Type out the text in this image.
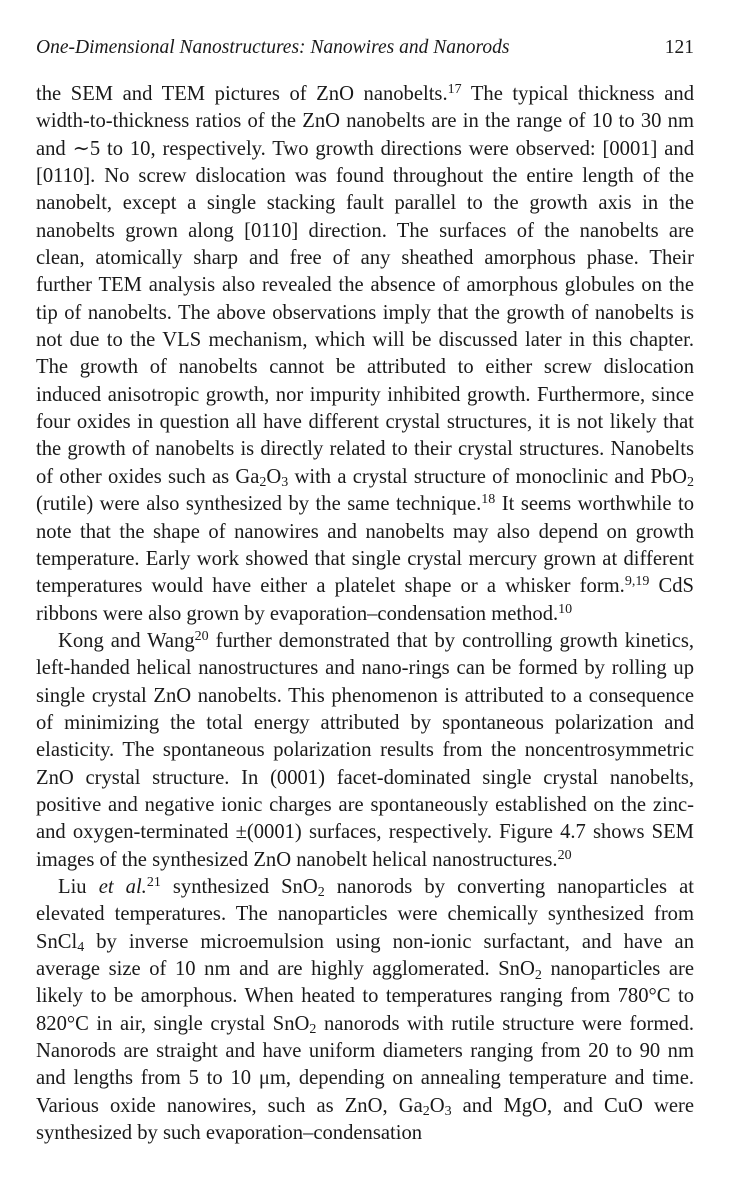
One-Dimensional Nanostructures: Nanowires and Nanorods	121

the SEM and TEM pictures of ZnO nanobelts.$^{17}$ The typical thickness and width-to-thickness ratios of the ZnO nanobelts are in the range of 10 to 30 nm and ∼5 to 10, respectively. Two growth directions were observed: [0001] and [0110]. No screw dislocation was found throughout the entire length of the nanobelt, except a single stacking fault parallel to the growth axis in the nanobelts grown along [0110] direction. The surfaces of the nanobelts are clean, atomically sharp and free of any sheathed amorphous phase. Their further TEM analysis also revealed the absence of amorphous globules on the tip of nanobelts. The above observations imply that the growth of nanobelts is not due to the VLS mechanism, which will be discussed later in this chapter. The growth of nanobelts cannot be attributed to either screw dislocation induced anisotropic growth, nor impurity inhibited growth. Furthermore, since four oxides in question all have different crystal structures, it is not likely that the growth of nanobelts is directly related to their crystal structures. Nanobelts of other oxides such as $Ga_2O_3$ with a crystal structure of monoclinic and PbO$_2$ (rutile) were also synthesized by the same technique.$^{18}$ It seems worthwhile to note that the shape of nanowires and nanobelts may also depend on growth temperature. Early work showed that single crystal mercury grown at different temperatures would have either a platelet shape or a whisker form.$^{9,19}$ CdS ribbons were also grown by evaporation–condensation method.$^{10}$

Kong and Wang$^{20}$ further demonstrated that by controlling growth kinetics, left-handed helical nanostructures and nano-rings can be formed by rolling up single crystal ZnO nanobelts. This phenomenon is attributed to a consequence of minimizing the total energy attributed by spontaneous polarization and elasticity. The spontaneous polarization results from the noncentrosymmetric ZnO crystal structure. In (0001) facet-dominated single crystal nanobelts, positive and negative ionic charges are spontaneously established on the zinc- and oxygen-terminated ±(0001) surfaces, respectively. Figure 4.7 shows SEM images of the synthesized ZnO nanobelt helical nanostructures.$^{20}$

Liu et al.$^{21}$ synthesized SnO$_2$ nanorods by converting nanoparticles at elevated temperatures. The nanoparticles were chemically synthesized from SnCl$_4$ by inverse microemulsion using non-ionic surfactant, and have an average size of 10 nm and are highly agglomerated. SnO$_2$ nanoparticles are likely to be amorphous. When heated to temperatures ranging from 780°C to 820°C in air, single crystal SnO$_2$ nanorods with rutile structure were formed. Nanorods are straight and have uniform diameters ranging from 20 to 90 nm and lengths from 5 to 10 μm, depending on annealing temperature and time. Various oxide nanowires, such as ZnO, $Ga_2O_3$ and MgO, and CuO were synthesized by such evaporation–condensation
